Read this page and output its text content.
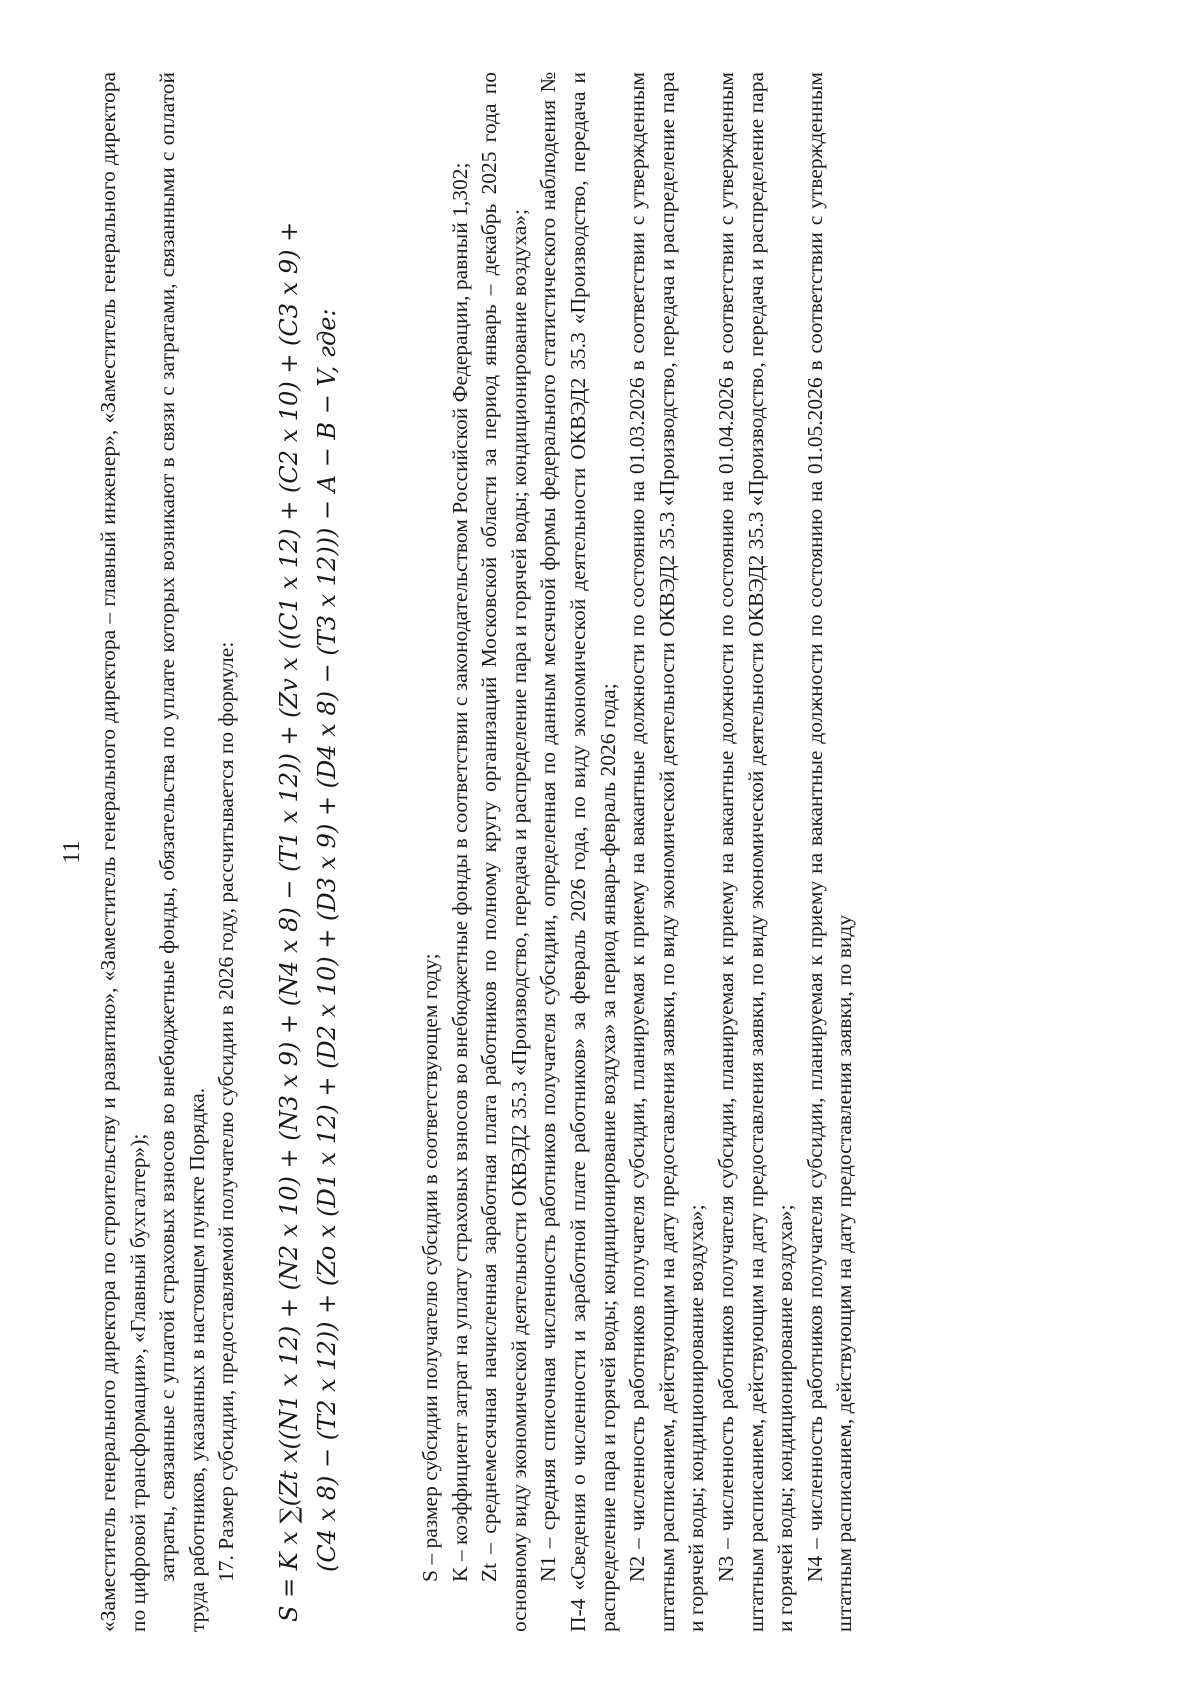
11 «Заместитель генерального директора по строительству и развитию», «Заместитель генерального директора – главный инженер», «Заместитель генерального директора по цифровой трансформации», «Главный бухгалтер»); затраты, связанные с уплатой страховых взносов во внебюджетные фонды, обязательства по уплате которых возникают в связи с затратами, связанными с оплатой труда работников, указанных в настоящем пункте Порядка. 17. Размер субсидии, предоставляемой получателю субсидии в 2026 году, рассчитывается по формуле: S = K x ∑(Zt x((N1 x 12) + (N2 x 10) + (N3 x 9) + (N4 x 8) − (T1 x 12)) + (Zv x ((C1 x 12) + (C2 x 10) + (C3 x 9) + (C4 x 8) − (T2 x 12)) + (Zo x (D1 x 12) + (D2 x 10) + (D3 x 9) + (D4 x 8) − (T3 x 12))) − A − B − V, где:	S – размер субсидии получателю субсидии в соответствующем году; K – коэффициент затрат на уплату страховых взносов во внебюджетные фонды в соответствии с законодательством Российской Федерации, равный 1,302; Zt – среднемесячная начисленная заработная плата работников по полному кругу организаций Московской области за период январь – декабрь 2025 года по основному виду экономической деятельности ОКВЭД2 35.3 «Производство, передача и распределение пара и горячей воды; кондиционирование воздуха»; N1 – средняя списочная численность работников получателя субсидии, определенная по данным месячной формы федерального статистического наблюдения № П-4 «Сведения о численности и заработной плате работников» за февраль 2026 года, по виду экономической деятельности ОКВЭД2 35.3 «Производство, передача и распределение пара и горячей воды; кондиционирование воздуха» за период январь-февраль 2026 года; N2 – численность работников получателя субсидии, планируемая к приему на вакантные должности по состоянию на 01.03.2026 в соответствии с утвержденным штатным расписанием, действующим на дату предоставления заявки, по виду экономической деятельности ОКВЭД2 35.3 «Производство, передача и распределение пара и горячей воды; кондиционирование воздуха»; N3 – численность работников получателя субсидии, планируемая к приему на вакантные должности по состоянию на 01.04.2026 в соответствии с утвержденным штатным расписанием, действующим на дату предоставления заявки, по виду экономической деятельности ОКВЭД2 35.3 «Производство, передача и распределение пара и горячей воды; кондиционирование воздуха»; N4 – численность работников получателя субсидии, планируемая к приему на вакантные должности по состоянию на 01.05.2026 в соответствии с утвержденным штатным расписанием, действующим на дату предоставления заявки, по виду
